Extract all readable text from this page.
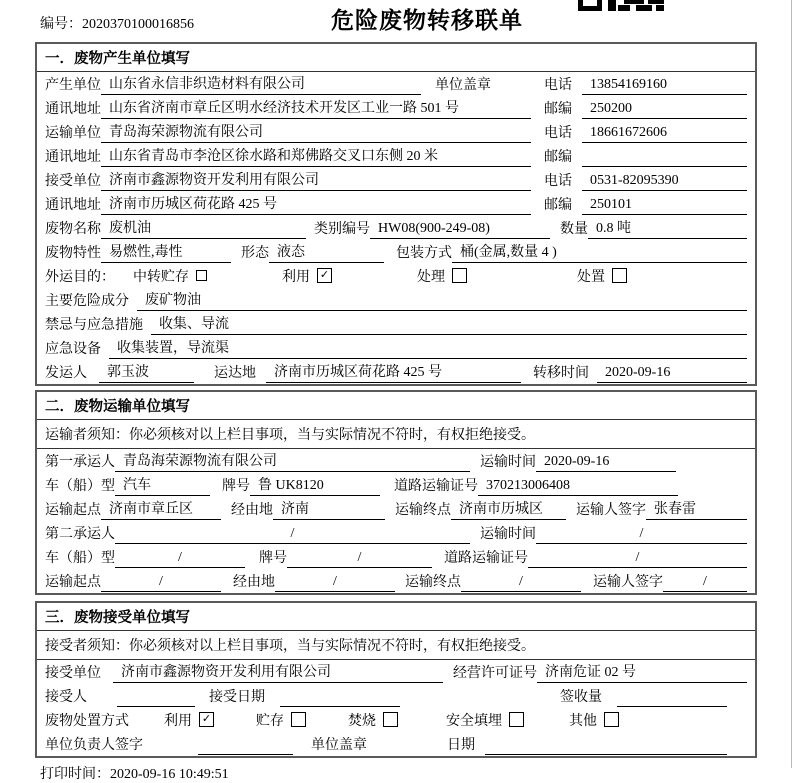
编号：2020370100016856	危险废物转移联单
一．废物产生单位填写
产生单位 山东省永信非织造材料有限公司	单位盖章	电话	13854169160
通讯地址 山东省济南市章丘区明水经济技术开发区工业一路 501 号	邮编	250200
运输单位 青岛海荣源物流有限公司	电话	18661672606
通讯地址 山东省青岛市李沧区徐水路和郑佛路交叉口东侧 20 米	邮编
接受单位 济南市鑫源物资开发利用有限公司	电话	0531-82095390
通讯地址 济南市历城区荷花路 425 号	邮编	250101
废物名称 废机油	类别编号 HW08(900-249-08)	数量 0.8 吨
废物特性 易燃性,毒性	形态 液态	包装方式 桶(金属,数量 4 )
外运目的： 中转贮存	利用 ✓	处理	处置
主要危险成分	废矿物油
禁忌与应急措施	收集、导流
应急设备	收集装置，导流渠
发运人	郭玉波	运达地	济南市历城区荷花路 425 号	转移时间	2020-09-16
二．废物运输单位填写
运输者须知：你必须核对以上栏目事项，当与实际情况不符时，有权拒绝接受。
第一承运人 青岛海荣源物流有限公司	运输时间 2020-09-16
车（船）型 汽车	牌号 鲁 UK8120	道路运输证号 370213006408
运输起点 济南市章丘区	经由地 济南	运输终点 济南市历城区	运输人签字 张春雷
第二承运人	/	运输时间	/
车（船）型	/	牌号	/	道路运输证号	/
运输起点	/	经由地	/	运输终点	/	运输人签字	/
三．废物接受单位填写
接受者须知：你必须核对以上栏目事项，当与实际情况不符时，有权拒绝接受。
接受单位	济南市鑫源物资开发利用有限公司	经营许可证号 济南危证 02 号
接受人	接受日期	签收量
废物处置方式	利用 ✓	贮存	焚烧	安全填埋	其他
单位负责人签字	单位盖章	日期
打印时间：2020-09-16 10:49:51
